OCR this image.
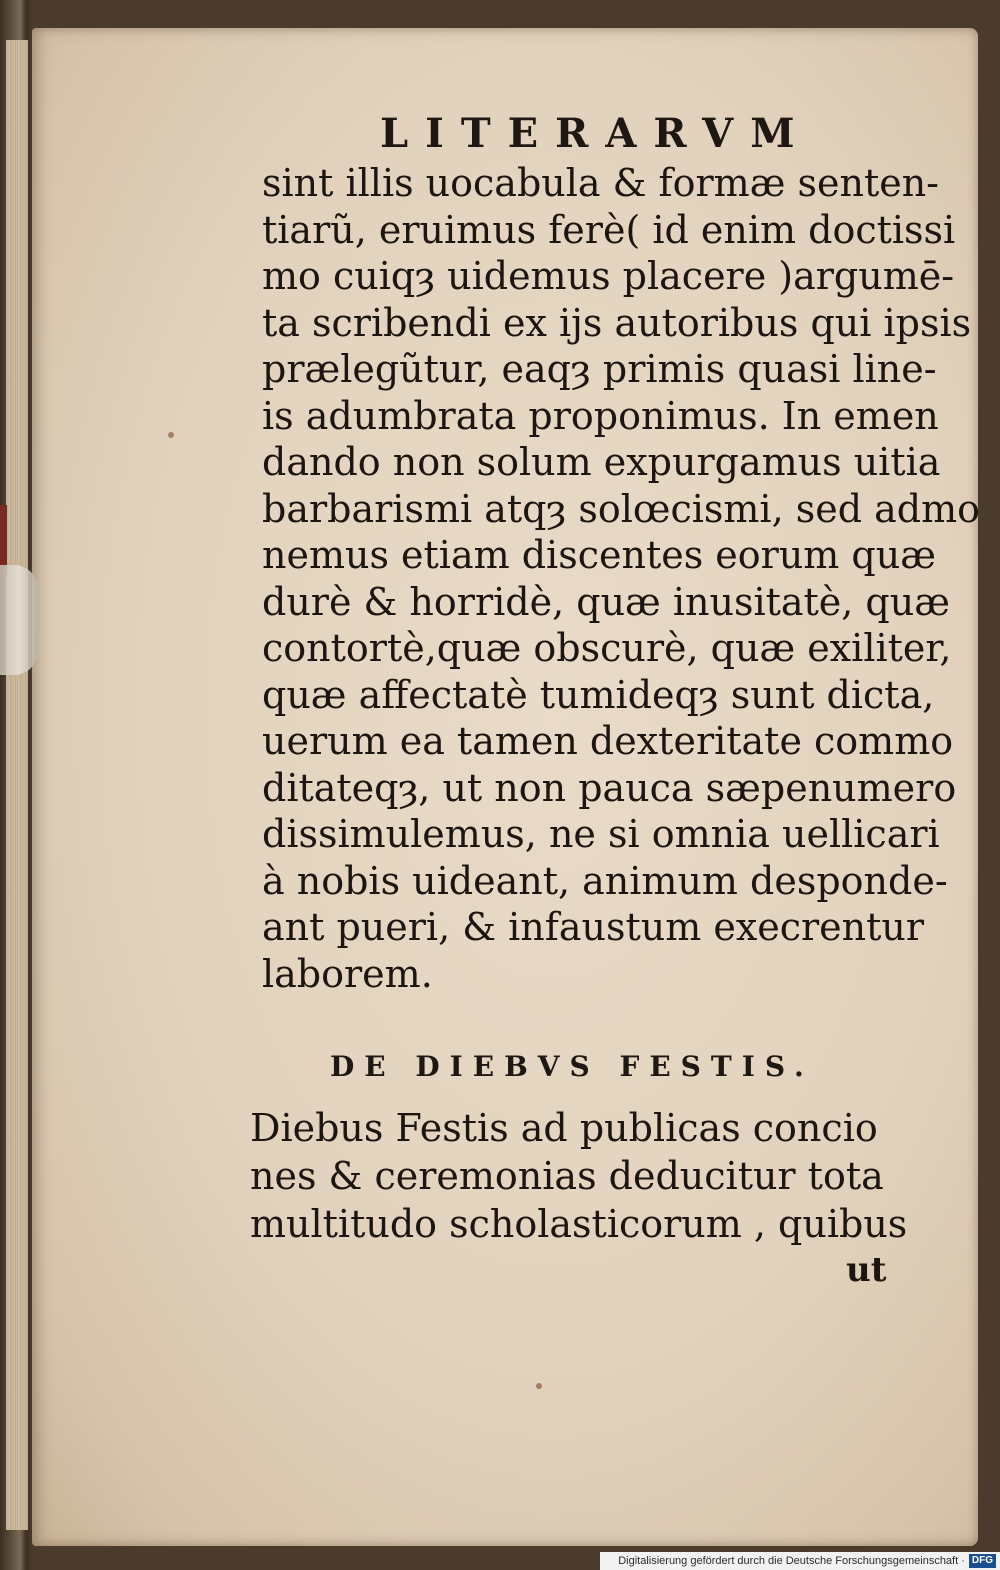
LITERARVM
sint illis uocabula & formæ senten-
tiarũ, eruimus ferè( id enim doctissi
mo cuiqȝ uidemus placere )argumē-
ta scribendi ex ijs autoribus qui ipsis
prælegũtur, eaqȝ primis quasi line-
is adumbrata proponimus. In emen
dando non solum expurgamus uitia
barbarismi atqȝ solœcismi, sed admo
nemus etiam discentes eorum quæ
durè & horridè, quæ inusitatè, quæ
contortè,quæ obscurè, quæ exiliter,
quæ affectatè tumideqȝ sunt dicta,
uerum ea tamen dexteritate commo
ditateqȝ, ut non pauca sæpenumero
dissimulemus, ne si omnia uellicari
à nobis uideant, animum desponde-
ant pueri, & infaustum execrentur
laborem.
DE DIEBVS FESTIS.
Diebus Festis ad publicas concio
nes & ceremonias deducitur tota
multitudo scholasticorum , quibus

ut

Digitalisierung gefördert durch die Deutsche Forschungsgemeinschaft · DFG
